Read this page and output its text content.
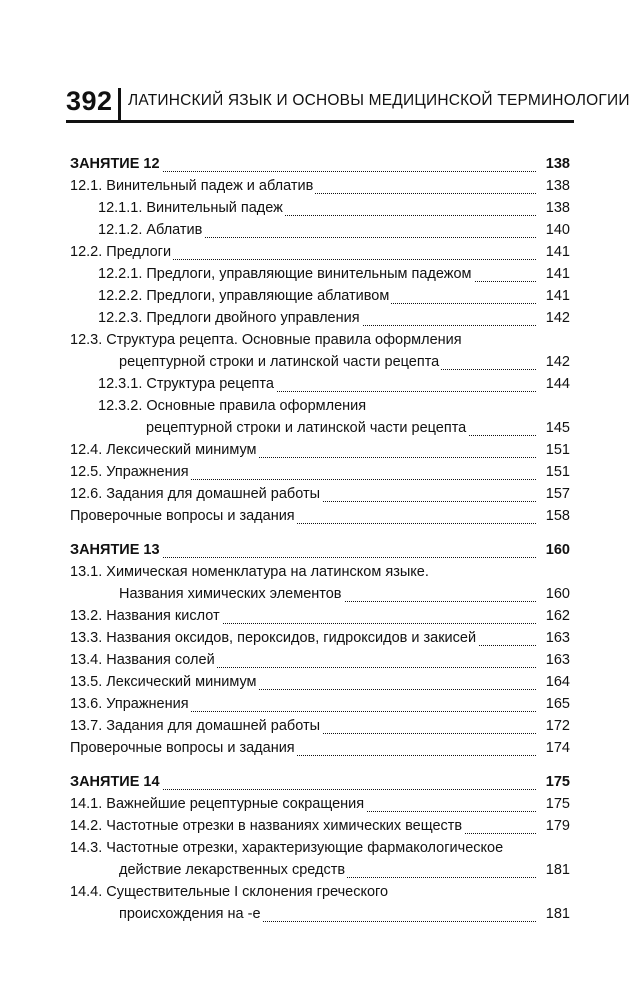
392 ЛАТИНСКИЙ ЯЗЫК И ОСНОВЫ МЕДИЦИНСКОЙ ТЕРМИНОЛОГИИ
ЗАНЯТИЕ 12	138
12.1. Винительный падеж и аблатив	138
12.1.1. Винительный падеж	138
12.1.2. Аблатив	140
12.2. Предлоги	141
12.2.1. Предлоги, управляющие винительным падежом	141
12.2.2. Предлоги, управляющие аблативом	141
12.2.3. Предлоги двойного управления	142
12.3. Структура рецепта. Основные правила оформления
рецептурной строки и латинской части рецепта	142
12.3.1. Структура рецепта	144
12.3.2. Основные правила оформления
рецептурной строки и латинской части рецепта	145
12.4. Лексический минимум	151
12.5. Упражнения	151
12.6. Задания для домашней работы	157
Проверочные вопросы и задания	158
ЗАНЯТИЕ 13	160
13.1. Химическая номенклатура на латинском языке.
Названия химических элементов	160
13.2. Названия кислот	162
13.3. Названия оксидов, пероксидов, гидроксидов и закисей	163
13.4. Названия солей	163
13.5. Лексический минимум	164
13.6. Упражнения	165
13.7. Задания для домашней работы	172
Проверочные вопросы и задания	174
ЗАНЯТИЕ 14	175
14.1. Важнейшие рецептурные сокращения	175
14.2. Частотные отрезки в названиях химических веществ	179
14.3. Частотные отрезки, характеризующие фармакологическое
действие лекарственных средств	181
14.4. Существительные I склонения греческого
происхождения на -е	181
